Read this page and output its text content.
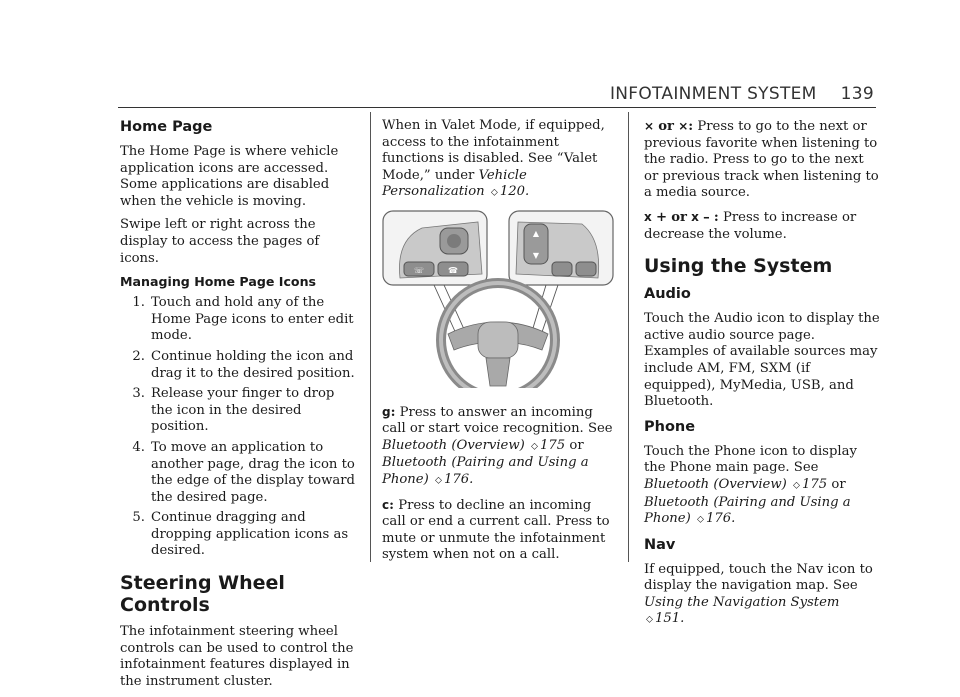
INFOTAINMENT SYSTEM 139
Home Page

The Home Page is where vehicle application icons are accessed. Some applications are disabled when the vehicle is moving.

Swipe left or right across the display to access the pages of icons.

Managing Home Page Icons
1. Touch and hold any of the Home Page icons to enter edit mode.
2. Continue holding the icon and drag it to the desired position.
3. Release your finger to drop the icon in the desired position.
4. To move an application to another page, drag the icon to the edge of the display toward the desired page.
5. Continue dragging and dropping application icons as desired.
Steering Wheel Controls

The infotainment steering wheel controls can be used to control the infotainment features displayed in the instrument cluster.

When in Valet Mode, if equipped, access to the infotainment functions is disabled. See “Valet Mode,” under Vehicle Personalization ⬦ 120.

☏	☎
▲
▼

g: Press to answer an incoming call or start voice recognition. See Bluetooth (Overview) ⬦ 175 or Bluetooth (Pairing and Using a Phone) ⬦ 176.

c: Press to decline an incoming call or end a current call. Press to mute or unmute the infotainment system when not on a call.

⨯ or ⨯: Press to go to the next or previous favorite when listening to the radio. Press to go to the next or previous track when listening to a media source.

x + or x – : Press to increase or decrease the volume.

Using the System
Audio

Touch the Audio icon to display the active audio source page. Examples of available sources may include AM, FM, SXM (if equipped), MyMedia, USB, and Bluetooth.

Phone

Touch the Phone icon to display the Phone main page. See Bluetooth (Overview) ⬦ 175 or Bluetooth (Pairing and Using a Phone) ⬦ 176.

Nav

If equipped, touch the Nav icon to display the navigation map. See Using the Navigation System ⬦ 151.
